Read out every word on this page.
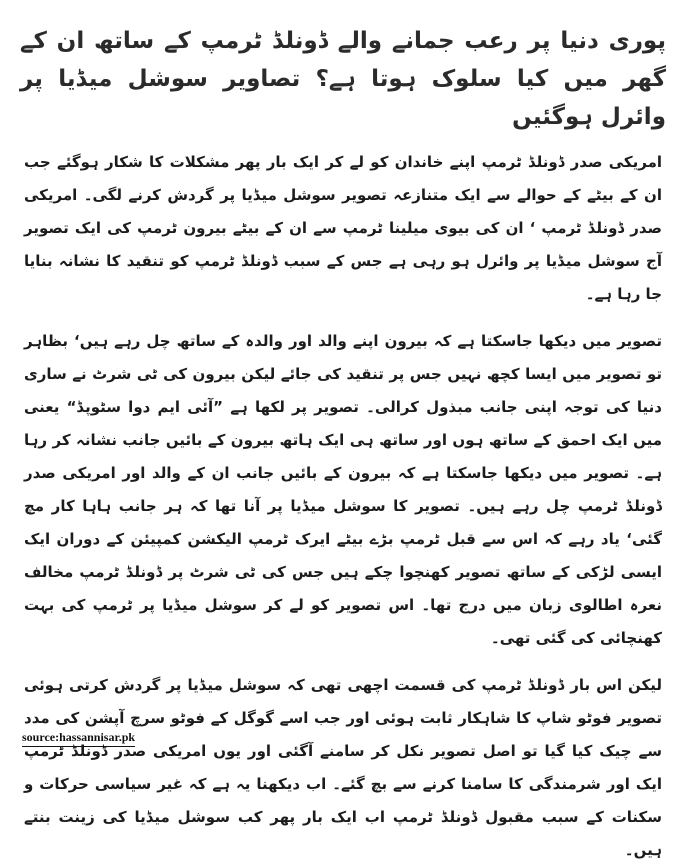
پوری دنیا پر رعب جمانے والے ڈونلڈ ٹرمپ کے ساتھ ان کے گھر میں کیا سلوک ہوتا ہے؟ تصاویر سوشل میڈیا پر وائرل ہوگئیں

امریکی صدر ڈونلڈ ٹرمپ اپنے خاندان کو لے کر ایک بار پھر مشکلات کا شکار ہوگئے جب ان کے بیٹے کے حوالے سے ایک متنازعہ تصویر سوشل میڈیا پر گردش کرنے لگی۔ امریکی صدر ڈونلڈ ٹرمپ ‘ ان کی بیوی میلینا ٹرمپ سے ان کے بیٹے بیرون ٹرمپ کی ایک تصویر آج سوشل میڈیا پر وائرل ہو رہی ہے جس کے سبب ڈونلڈ ٹرمپ کو تنقید کا نشانہ بنایا جا رہا ہے۔

تصویر میں دیکھا جاسکتا ہے کہ بیرون اپنے والد اور والدہ کے ساتھ چل رہے ہیں‘ بظاہر تو تصویر میں ایسا کچھ نہیں جس پر تنقید کی جائے لیکن بیرون کی ٹی شرٹ نے ساری دنیا کی توجہ اپنی جانب مبذول کرالی۔ تصویر پر لکھا ہے ”آئی ایم دوا سٹوپڈ“ یعنی میں ایک احمق کے ساتھ ہوں اور ساتھ ہی ایک ہاتھ بیرون کے بائیں جانب نشانہ کر رہا ہے۔ تصویر میں دیکھا جاسکتا ہے کہ بیرون کے بائیں جانب ان کے والد اور امریکی صدر ڈونلڈ ٹرمپ چل رہے ہیں۔ تصویر کا سوشل میڈیا پر آنا تھا کہ ہر جانب ہاہا کار مچ گئی‘ یاد رہے کہ اس سے قبل ٹرمپ بڑے بیٹے ایرک ٹرمپ الیکشن کمپیئن کے دوران ایک ایسی لڑکی کے ساتھ تصویر کھنچوا چکے ہیں جس کی ٹی شرٹ پر ڈونلڈ ٹرمپ مخالف نعرہ اطالوی زبان میں درج تھا۔ اس تصویر کو لے کر سوشل میڈیا پر ٹرمپ کی بہت کھنچائی کی گئی تھی۔

لیکن اس بار ڈونلڈ ٹرمپ کی قسمت اچھی تھی کہ سوشل میڈیا پر گردش کرتی ہوئی تصویر فوٹو شاپ کا شاہکار ثابت ہوئی اور جب اسے گوگل کے فوٹو سرچ آپشن کی مدد سے چیک کیا گیا تو اصل تصویر نکل کر سامنے آگئی اور یوں امریکی صدر ڈونلڈ ٹرمپ ایک اور شرمندگی کا سامنا کرنے سے بچ گئے۔ اب دیکھنا یہ ہے کہ غیر سیاسی حرکات و سکنات کے سبب مقبول ڈونلڈ ٹرمپ اب ایک بار پھر کب سوشل میڈیا کی زینت بنتے ہیں۔

source:hassannisar.pk
